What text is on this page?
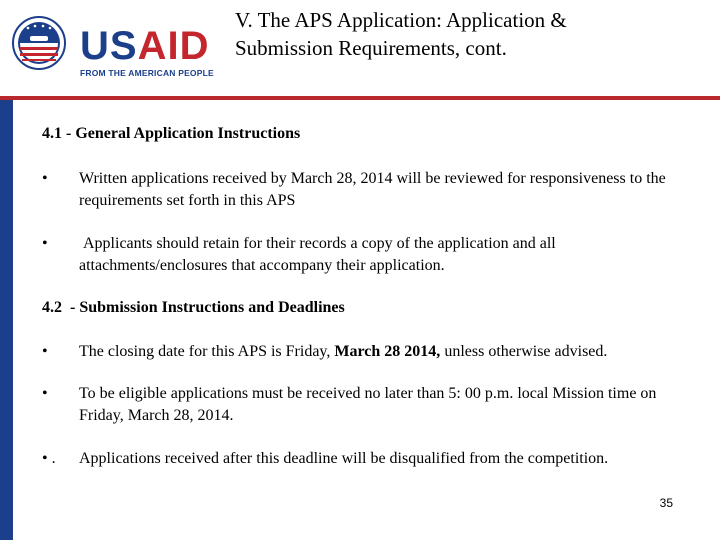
USAID
FROM THE AMERICAN PEOPLE
V. The APS Application: Application &
Submission Requirements, cont.

4.1 - General Application Instructions

•	Written applications received by March 28, 2014 will be reviewed for responsiveness to the requirements set forth in this APS
•	Applicants should retain for their records a copy of the application and all attachments/enclosures that accompany their application.

4.2  - Submission Instructions and Deadlines

•	The closing date for this APS is Friday, March 28 2014, unless otherwise advised.
•	To be eligible applications must be received no later than 5: 00 p.m. local Mission time on Friday, March 28, 2014.
• .	Applications received after this deadline will be disqualified from the competition.
35
